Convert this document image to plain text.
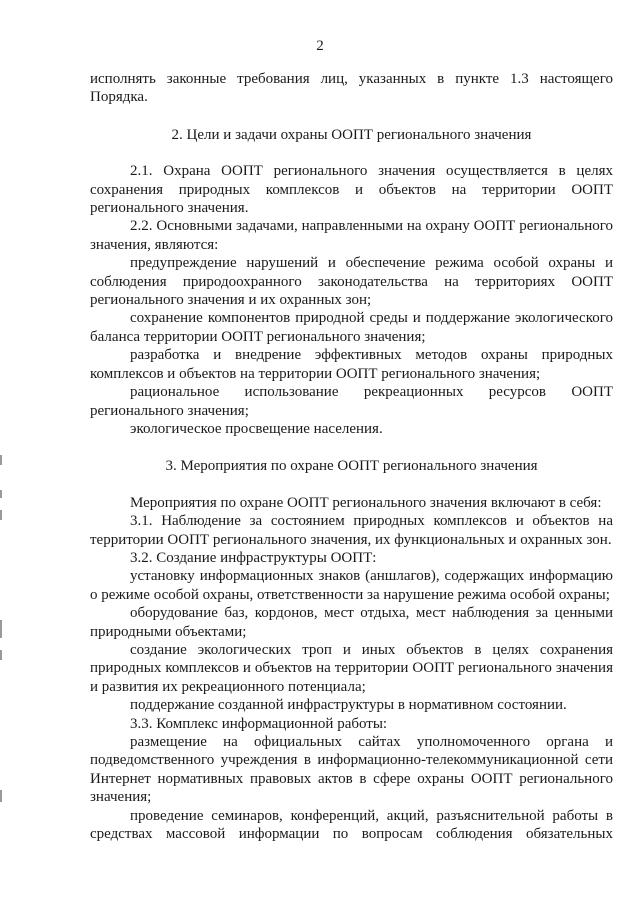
2

исполнять законные требования лиц, указанных в пункте 1.3 настоящего Порядка.

2. Цели и задачи охраны ООПТ регионального значения

2.1. Охрана ООПТ регионального значения осуществляется в целях сохранения природных комплексов и объектов на территории ООПТ регионального значения.

2.2. Основными задачами, направленными на охрану ООПТ регионального значения, являются:

предупреждение нарушений и обеспечение режима особой охраны и соблюдения природоохранного законодательства на территориях ООПТ регионального значения и их охранных зон;

сохранение компонентов природной среды и поддержание экологического баланса территории ООПТ регионального значения;

разработка и внедрение эффективных методов охраны природных комплексов и объектов на территории ООПТ регионального значения;

рациональное использование рекреационных ресурсов ООПТ регионального значения;

экологическое просвещение населения.

3. Мероприятия по охране ООПТ регионального значения

Мероприятия по охране ООПТ регионального значения включают в себя:

3.1. Наблюдение за состоянием природных комплексов и объектов на территории ООПТ регионального значения, их функциональных и охранных зон.

3.2. Создание инфраструктуры ООПТ:

установку информационных знаков (аншлагов), содержащих информацию о режиме особой охраны, ответственности за нарушение режима особой охраны;

оборудование баз, кордонов, мест отдыха, мест наблюдения за ценными природными объектами;

создание экологических троп и иных объектов в целях сохранения природных комплексов и объектов на территории ООПТ регионального значения и развития их рекреационного потенциала;

поддержание созданной инфраструктуры в нормативном состоянии.

3.3. Комплекс информационной работы:

размещение на официальных сайтах уполномоченного органа и подведомственного учреждения в информационно-телекоммуникационной сети Интернет нормативных правовых актов в сфере охраны ООПТ регионального значения;

проведение семинаров, конференций, акций, разъяснительной работы в средствах массовой информации по вопросам соблюдения обязательных
